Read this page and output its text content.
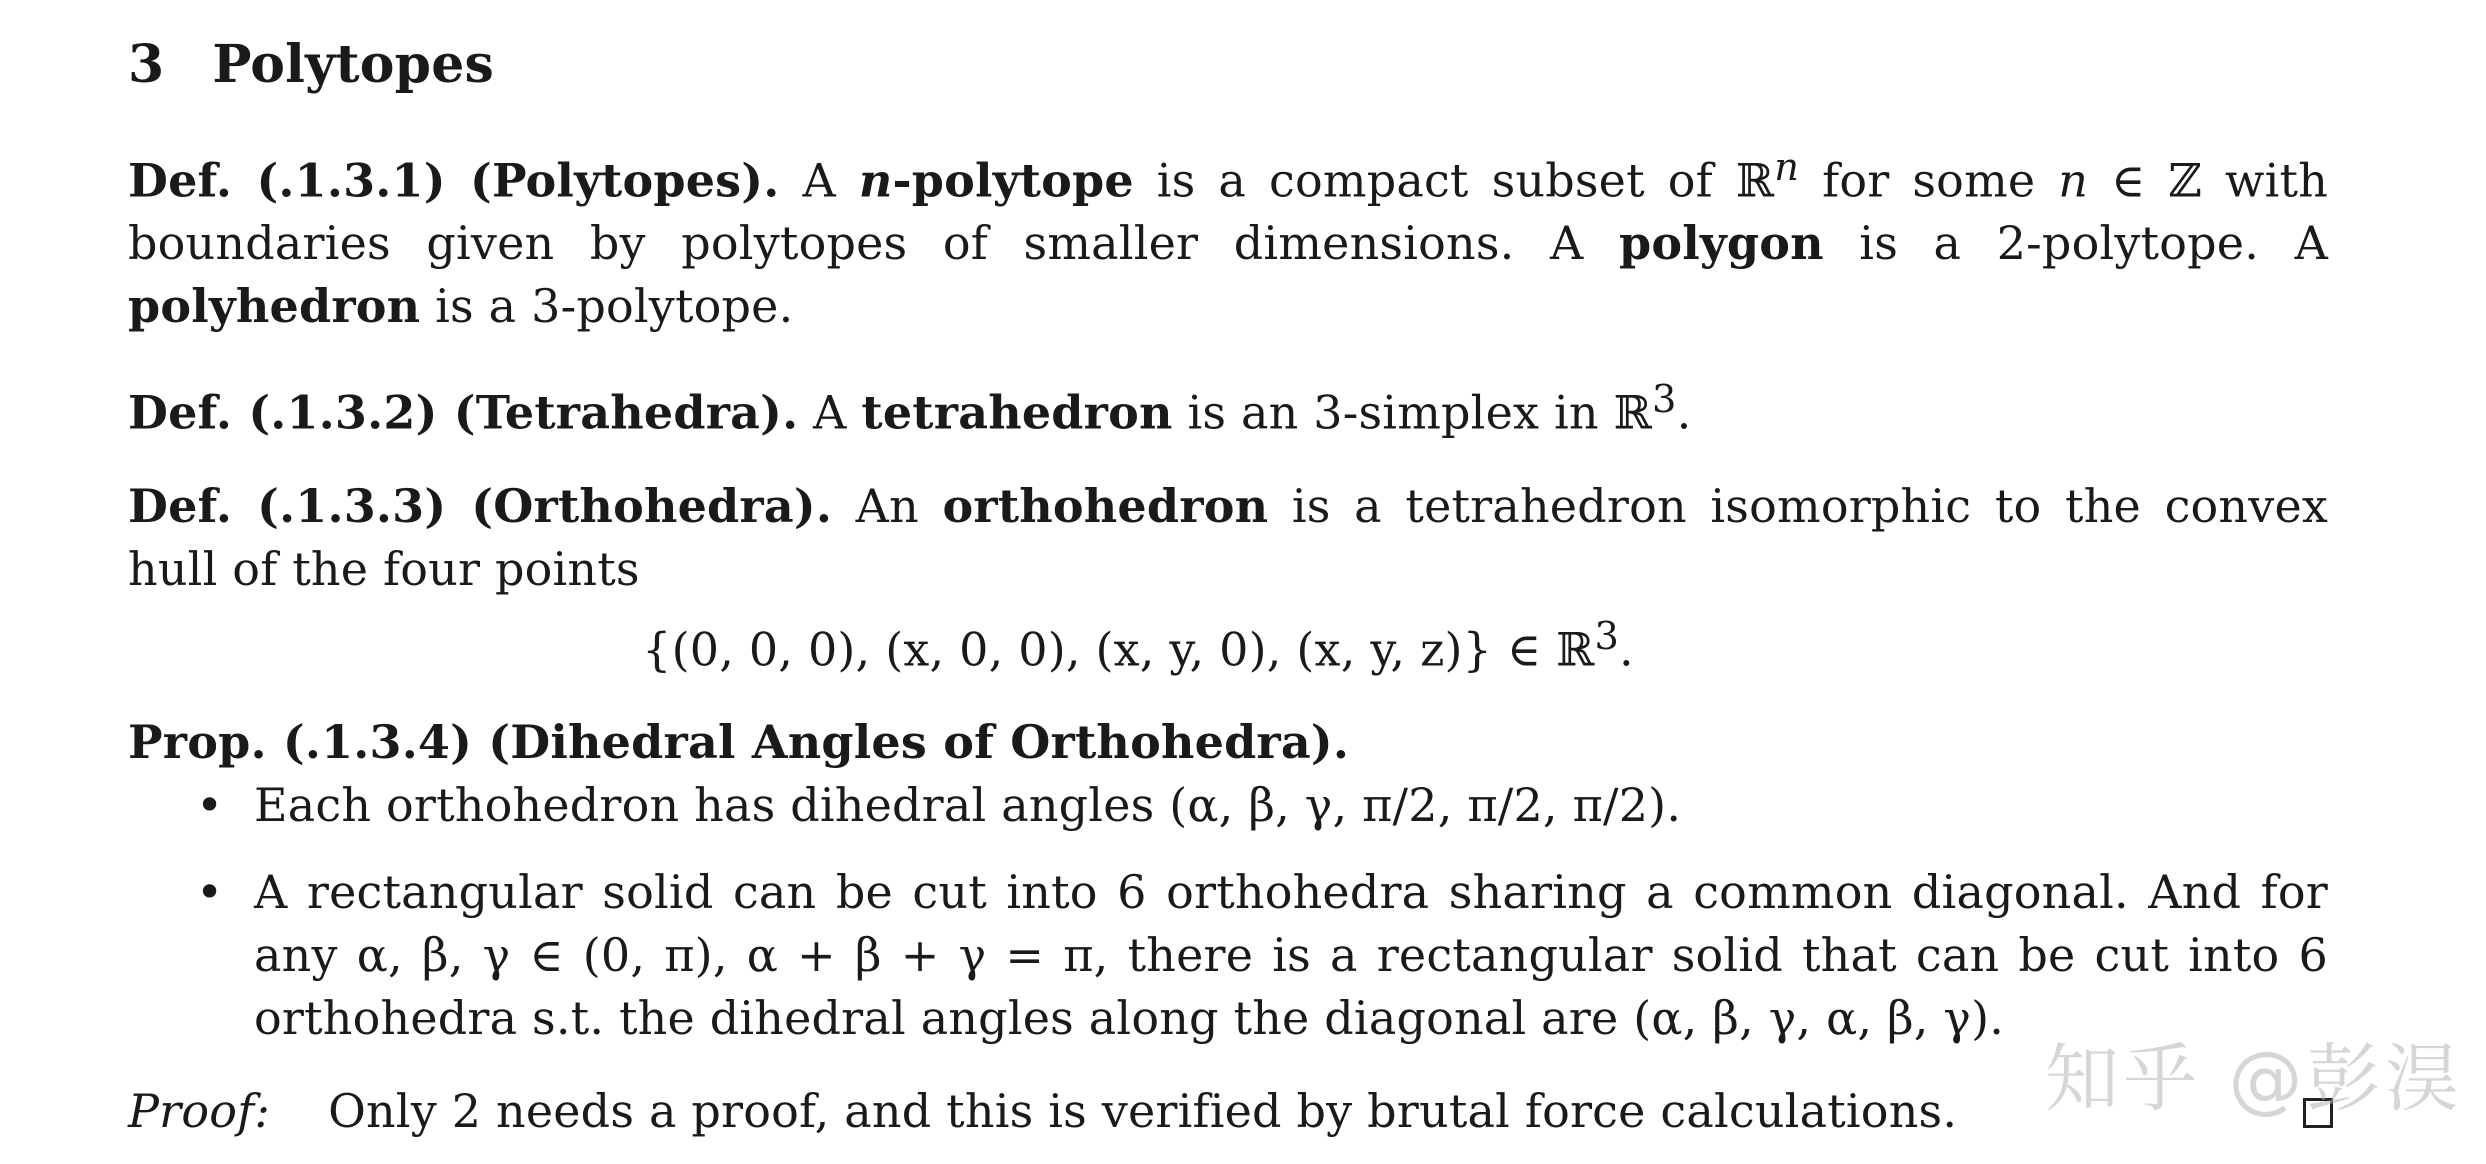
3 Polytopes

Def. (.1.3.1) (Polytopes). A n-polytope is a compact subset of ℝ$^n$ for some n ∈ ℤ with boundaries given by polytopes of smaller dimensions. A polygon is a 2-polytope. A polyhedron is a 3-polytope.

Def. (.1.3.2) (Tetrahedra). A tetrahedron is an 3-simplex in ℝ$^3$.

Def. (.1.3.3) (Orthohedra). An orthohedron is a tetrahedron isomorphic to the convex hull of the four points

{(0, 0, 0), (x, 0, 0), (x, y, 0), (x, y, z)} ∈ ℝ$^3$.

Prop. (.1.3.4) (Dihedral Angles of Orthohedra).

• Each orthohedron has dihedral angles (α, β, γ, π/2, π/2, π/2).
• A rectangular solid can be cut into 6 orthohedra sharing a common diagonal. And for any α, β, γ ∈ (0, π), α + β + γ = π, there is a rectangular solid that can be cut into 6 orthohedra s.t. the dihedral angles along the diagonal are (α, β, γ, α, β, γ).
Proof: Only 2 needs a proof, and this is verified by brutal force calculations.	知乎 @彭淏
